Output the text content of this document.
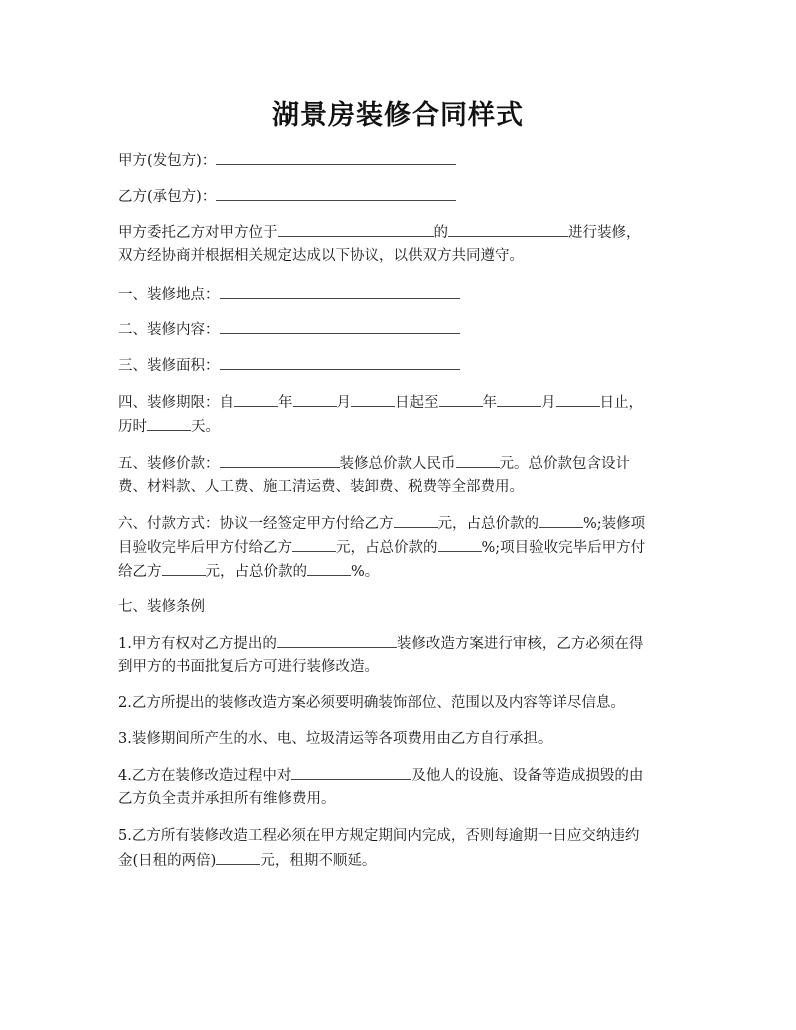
湖景房装修合同样式
甲方(发包方)：
乙方(承包方)：
甲方委托乙方对甲方位于	的	进行装修，
双方经协商并根据相关规定达成以下协议，以供双方共同遵守。
一、装修地点：
二、装修内容：
三、装修面积：
四、装修期限：自	年	月	日起至	年	月	日止，
历时	天。
五、装修价款：	装修总价款人民币	元。总价款包含设计
费、材料款、人工费、施工清运费、装卸费、税费等全部费用。
六、付款方式：协议一经签定甲方付给乙方	元，占总价款的	%;装修项
目验收完毕后甲方付给乙方	元，占总价款的	%;项目验收完毕后甲方付
给乙方	元，占总价款的	%。
七、装修条例
1.甲方有权对乙方提出的	装修改造方案进行审核，乙方必须在得
到甲方的书面批复后方可进行装修改造。
2.乙方所提出的装修改造方案必须要明确装饰部位、范围以及内容等详尽信息。
3.装修期间所产生的水、电、垃圾清运等各项费用由乙方自行承担。
4.乙方在装修改造过程中对	及他人的设施、设备等造成损毁的由
乙方负全责并承担所有维修费用。
5.乙方所有装修改造工程必须在甲方规定期间内完成，否则每逾期一日应交纳违约
金(日租的两倍)	元，租期不顺延。
